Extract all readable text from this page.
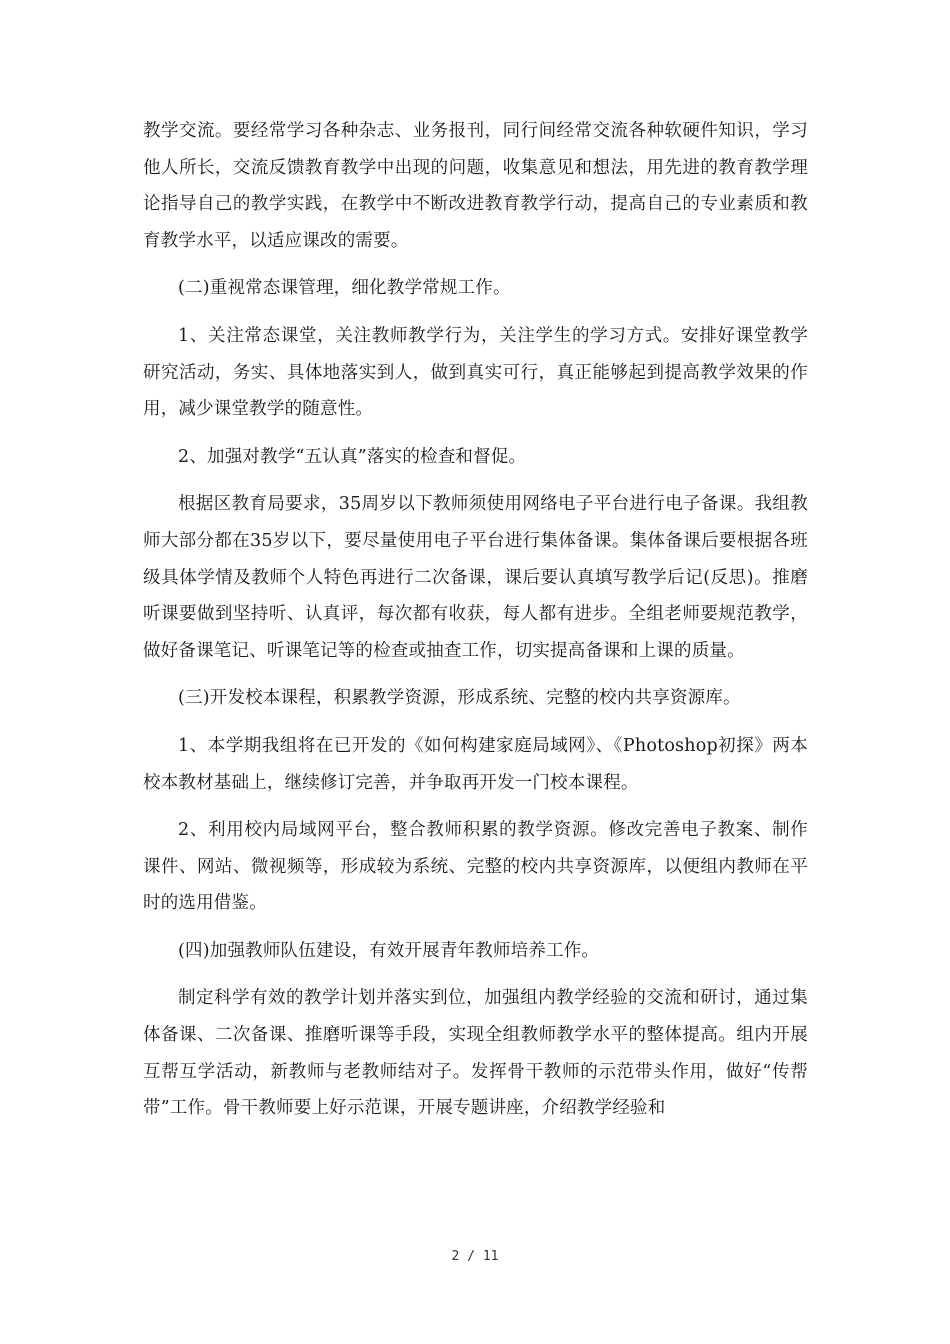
教学交流。要经常学习各种杂志、业务报刊，同行间经常交流各种软硬件知识，学习他人所长，交流反馈教育教学中出现的问题，收集意见和想法，用先进的教育教学理论指导自己的教学实践，在教学中不断改进教育教学行动，提高自己的专业素质和教育教学水平，以适应课改的需要。

(二)重视常态课管理，细化教学常规工作。

1、关注常态课堂，关注教师教学行为，关注学生的学习方式。安排好课堂教学研究活动，务实、具体地落实到人，做到真实可行，真正能够起到提高教学效果的作用，减少课堂教学的随意性。

2、加强对教学“五认真”落实的检查和督促。

根据区教育局要求，35周岁以下教师须使用网络电子平台进行电子备课。我组教师大部分都在35岁以下，要尽量使用电子平台进行集体备课。集体备课后要根据各班级具体学情及教师个人特色再进行二次备课，课后要认真填写教学后记(反思)。推磨听课要做到坚持听、认真评，每次都有收获，每人都有进步。全组老师要规范教学，做好备课笔记、听课笔记等的检查或抽查工作，切实提高备课和上课的质量。

(三)开发校本课程，积累教学资源，形成系统、完整的校内共享资源库。

1、本学期我组将在已开发的《如何构建家庭局域网》、《Photoshop初探》两本校本教材基础上，继续修订完善，并争取再开发一门校本课程。

2、利用校内局域网平台，整合教师积累的教学资源。修改完善电子教案、制作课件、网站、微视频等，形成较为系统、完整的校内共享资源库，以便组内教师在平时的选用借鉴。

(四)加强教师队伍建设，有效开展青年教师培养工作。

制定科学有效的教学计划并落实到位，加强组内教学经验的交流和研讨，通过集体备课、二次备课、推磨听课等手段，实现全组教师教学水平的整体提高。组内开展互帮互学活动，新教师与老教师结对子。发挥骨干教师的示范带头作用，做好“传帮带”工作。骨干教师要上好示范课，开展专题讲座，介绍教学经验和

2 / 11
